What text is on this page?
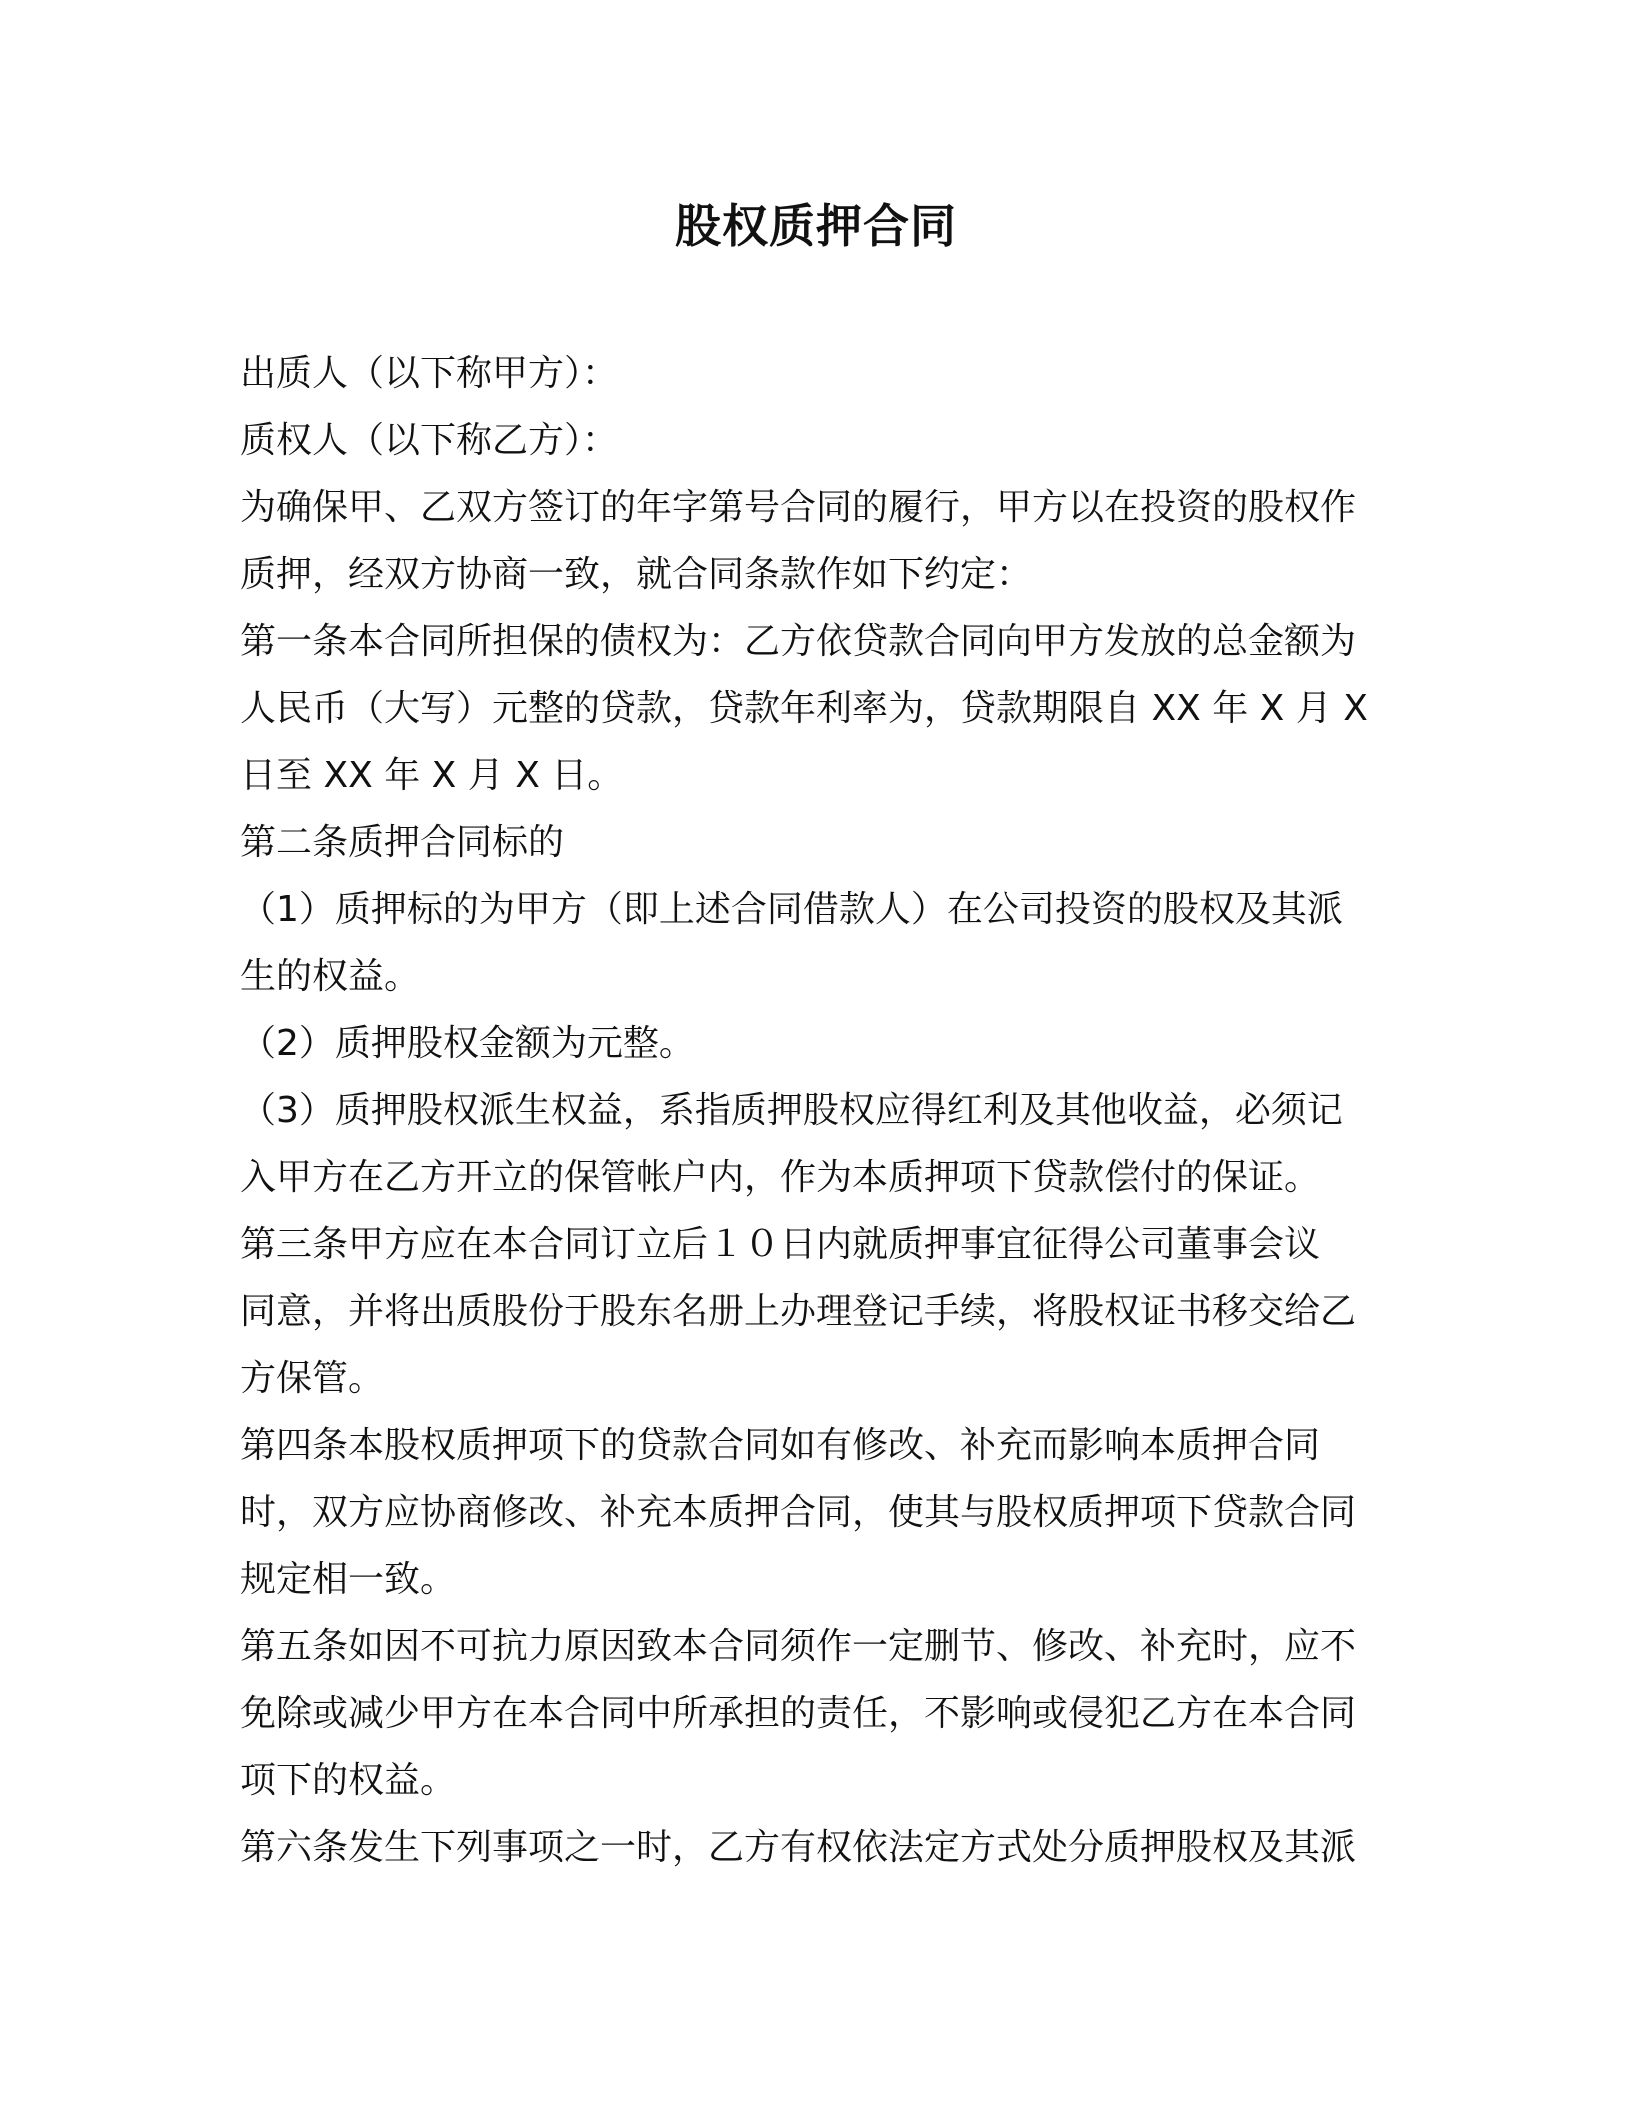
股权质押合同

出质人（以下称甲方）：

质权人（以下称乙方）：

为确保甲、乙双方签订的年字第号合同的履行，甲方以在投资的股权作

质押，经双方协商一致，就合同条款作如下约定：

第一条本合同所担保的债权为：乙方依贷款合同向甲方发放的总金额为

人民币（大写）元整的贷款，贷款年利率为，贷款期限自 XX 年 X 月 X

日至 XX 年 X 月 X 日。

第二条质押合同标的

（1）质押标的为甲方（即上述合同借款人）在公司投资的股权及其派

生的权益。

（2）质押股权金额为元整。

（3）质押股权派生权益，系指质押股权应得红利及其他收益，必须记

入甲方在乙方开立的保管帐户内，作为本质押项下贷款偿付的保证。

第三条甲方应在本合同订立后１０日内就质押事宜征得公司董事会议

同意，并将出质股份于股东名册上办理登记手续，将股权证书移交给乙

方保管。

第四条本股权质押项下的贷款合同如有修改、补充而影响本质押合同

时，双方应协商修改、补充本质押合同，使其与股权质押项下贷款合同

规定相一致。

第五条如因不可抗力原因致本合同须作一定删节、修改、补充时，应不

免除或减少甲方在本合同中所承担的责任，不影响或侵犯乙方在本合同

项下的权益。

第六条发生下列事项之一时，乙方有权依法定方式处分质押股权及其派
